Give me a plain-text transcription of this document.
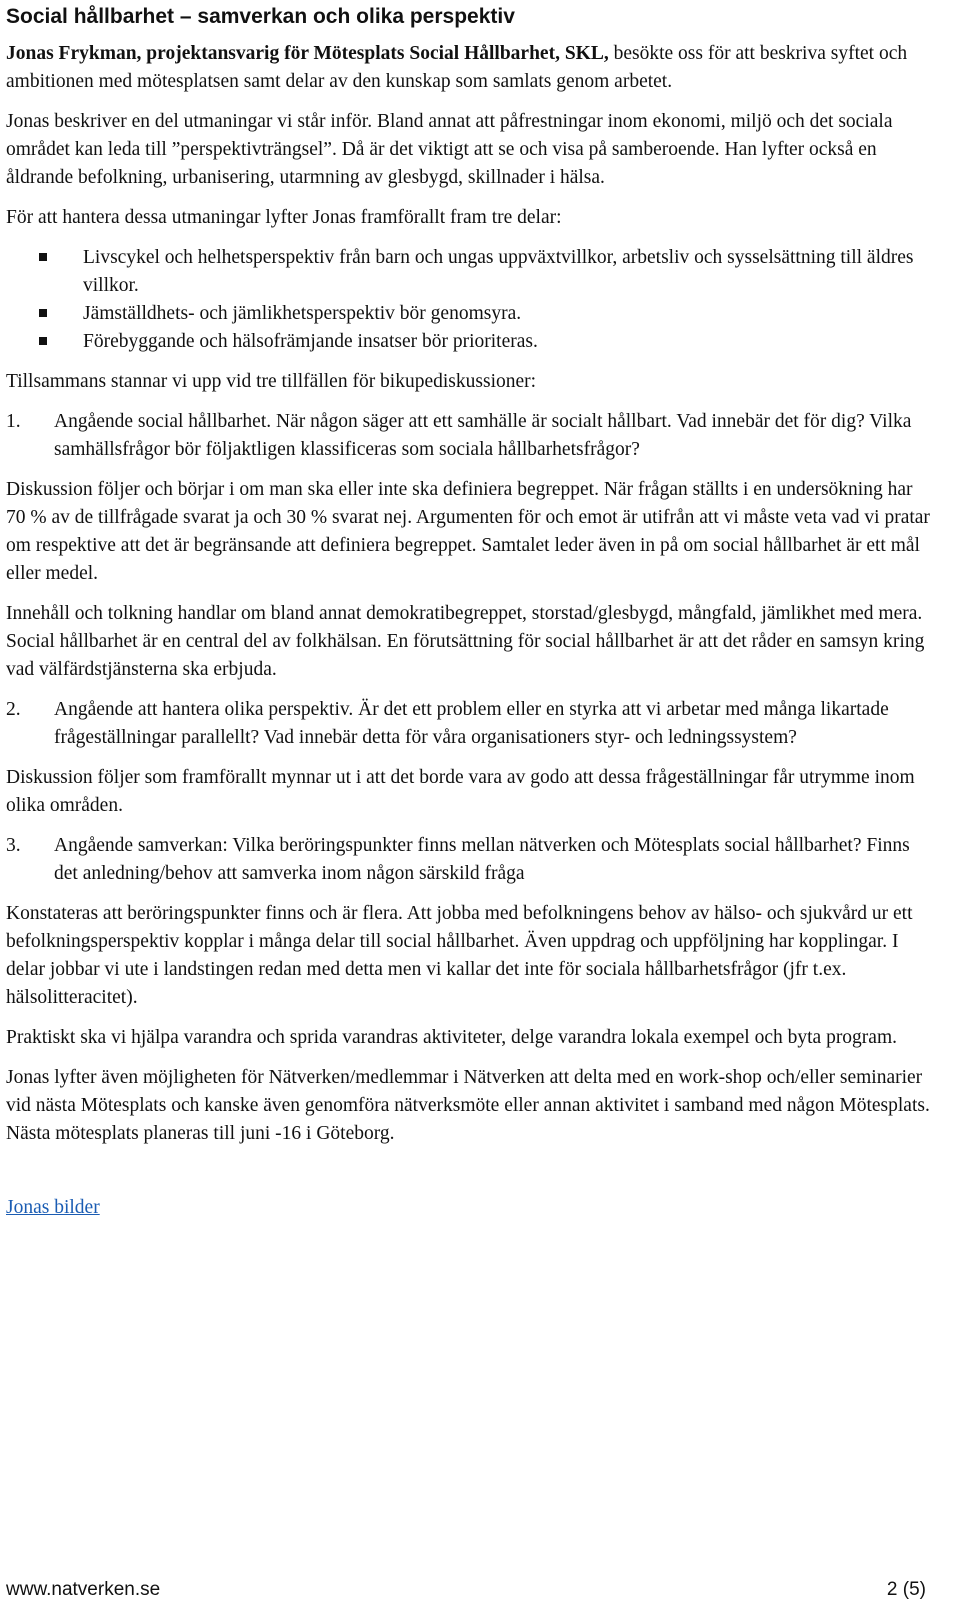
Social hållbarhet – samverkan och olika perspektiv

Jonas Frykman, projektansvarig för Mötesplats Social Hållbarhet, SKL, besökte oss för att beskriva syftet och ambitionen med mötesplatsen samt delar av den kunskap som samlats genom arbetet.

Jonas beskriver en del utmaningar vi står inför. Bland annat att påfrestningar inom ekonomi, miljö och det sociala området kan leda till ”perspektivträngsel”. Då är det viktigt att se och visa på samberoende. Han lyfter också en åldrande befolkning, urbanisering, utarmning av glesbygd, skillnader i hälsa.

För att hantera dessa utmaningar lyfter Jonas framförallt fram tre delar:

Livscykel och helhetsperspektiv från barn och ungas uppväxtvillkor, arbetsliv och sysselsättning till äldres villkor.
Jämställdhets- och jämlikhetsperspektiv bör genomsyra.
Förebyggande och hälsofrämjande insatser bör prioriteras.

Tillsammans stannar vi upp vid tre tillfällen för bikupediskussioner:

1. Angående social hållbarhet. När någon säger att ett samhälle är socialt hållbart. Vad innebär det för dig? Vilka samhällsfrågor bör följaktligen klassificeras som sociala hållbarhetsfrågor?

Diskussion följer och börjar i om man ska eller inte ska definiera begreppet. När frågan ställts i en undersökning har 70 % av de tillfrågade svarat ja och 30 % svarat nej. Argumenten för och emot är utifrån att vi måste veta vad vi pratar om respektive att det är begränsande att definiera begreppet. Samtalet leder även in på om social hållbarhet är ett mål eller medel.

Innehåll och tolkning handlar om bland annat demokratibegreppet, storstad/glesbygd, mångfald, jämlikhet med mera. Social hållbarhet är en central del av folkhälsan. En förutsättning för social hållbarhet är att det råder en samsyn kring vad välfärdstjänsterna ska erbjuda.

2. Angående att hantera olika perspektiv. Är det ett problem eller en styrka att vi arbetar med många likartade frågeställningar parallellt? Vad innebär detta för våra organisationers styr- och ledningssystem?

Diskussion följer som framförallt mynnar ut i att det borde vara av godo att dessa frågeställningar får utrymme inom olika områden.

3. Angående samverkan: Vilka beröringspunkter finns mellan nätverken och Mötesplats social hållbarhet? Finns det anledning/behov att samverka inom någon särskild fråga

Konstateras att beröringspunkter finns och är flera. Att jobba med befolkningens behov av hälso- och sjukvård ur ett befolkningsperspektiv kopplar i många delar till social hållbarhet. Även uppdrag och uppföljning har kopplingar. I delar jobbar vi ute i landstingen redan med detta men vi kallar det inte för sociala hållbarhetsfrågor (jfr t.ex. hälsolitteracitet).

Praktiskt ska vi hjälpa varandra och sprida varandras aktiviteter, delge varandra lokala exempel och byta program.

Jonas lyfter även möjligheten för Nätverken/medlemmar i Nätverken att delta med en work-shop och/eller seminarier vid nästa Mötesplats och kanske även genomföra nätverksmöte eller annan aktivitet i samband med någon Mötesplats. Nästa mötesplats planeras till juni -16 i Göteborg.

Jonas bilder

www.natverken.se	2 (5)
